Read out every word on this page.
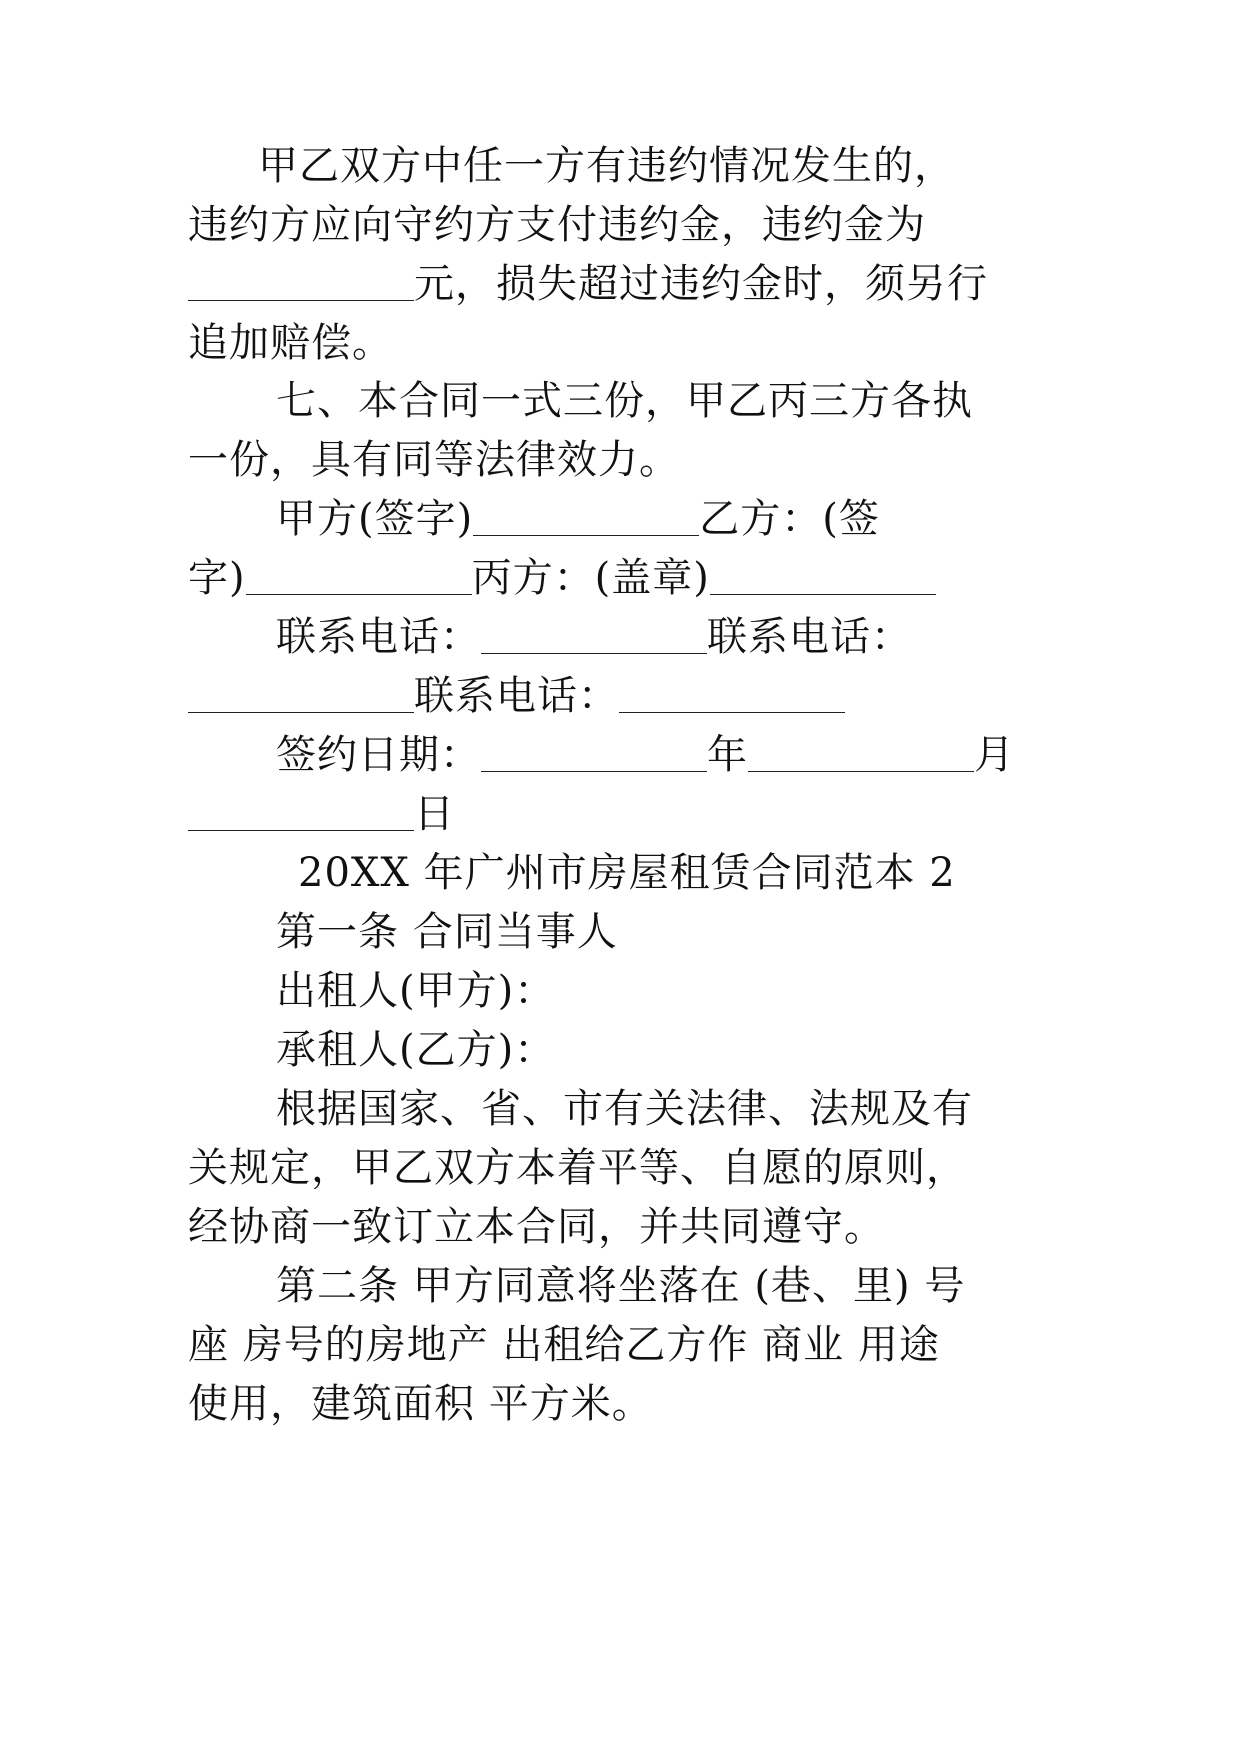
甲乙双方中任一方有违约情况发生的，
违约方应向守约方支付违约金，违约金为
元，损失超过违约金时，须另行
追加赔偿。
七、本合同一式三份，甲乙丙三方各执
一份，具有同等法律效力。
甲方(签字)	乙方：(签
字)	丙方：(盖章)
联系电话：	联系电话：
联系电话：
签约日期：	年	月
日
20XX 年广州市房屋租赁合同范本 2
第一条 合同当事人
出租人(甲方)：
承租人(乙方)：
根据国家、省、市有关法律、法规及有
关规定，甲乙双方本着平等、自愿的原则，
经协商一致订立本合同，并共同遵守。
第二条 甲方同意将坐落在 (巷、里) 号
座 房号的房地产 出租给乙方作 商业 用途
使用，建筑面积 平方米。
